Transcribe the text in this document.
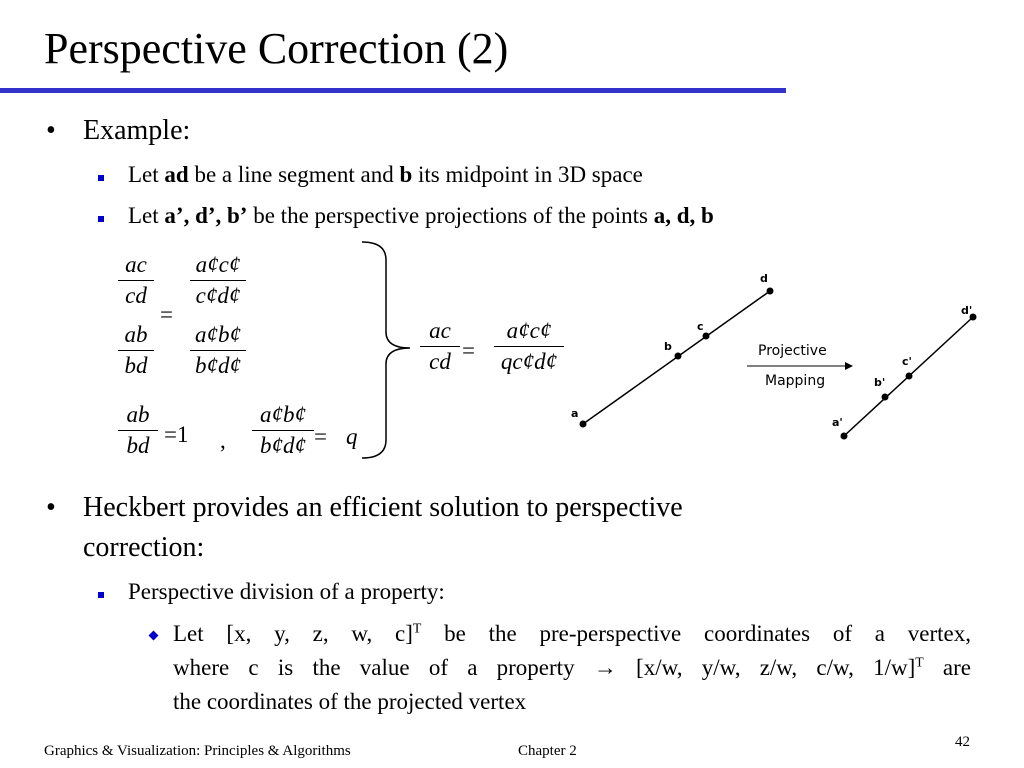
Perspective Correction (2)
• Example:
Let ad be a line segment and b its midpoint in 3D space
Let a’, d’, b’ be the perspective projections of the points a, d, b
ac
cd
=
a¢c¢
c¢d¢
ab
bd
a¢b¢
b¢d¢
ab
bd =1 ,
a¢b¢
b¢d¢ = q
ac
cd =
a¢c¢
qc¢d¢
a
b
c
d
a'
b'
c'
d'
Projective
Mapping
• Heckbert provides an efficient solution to perspective
correction:
Perspective division of a property:
Let [x, y, z, w, c]$^T$ be the pre-perspective coordinates of a vertex,
where c is the value of a property → [x/w, y/w, z/w, c/w, 1/w]$^T$ are
the coordinates of the projected vertex
Graphics & Visualization: Principles & Algorithms	Chapter 2
42
